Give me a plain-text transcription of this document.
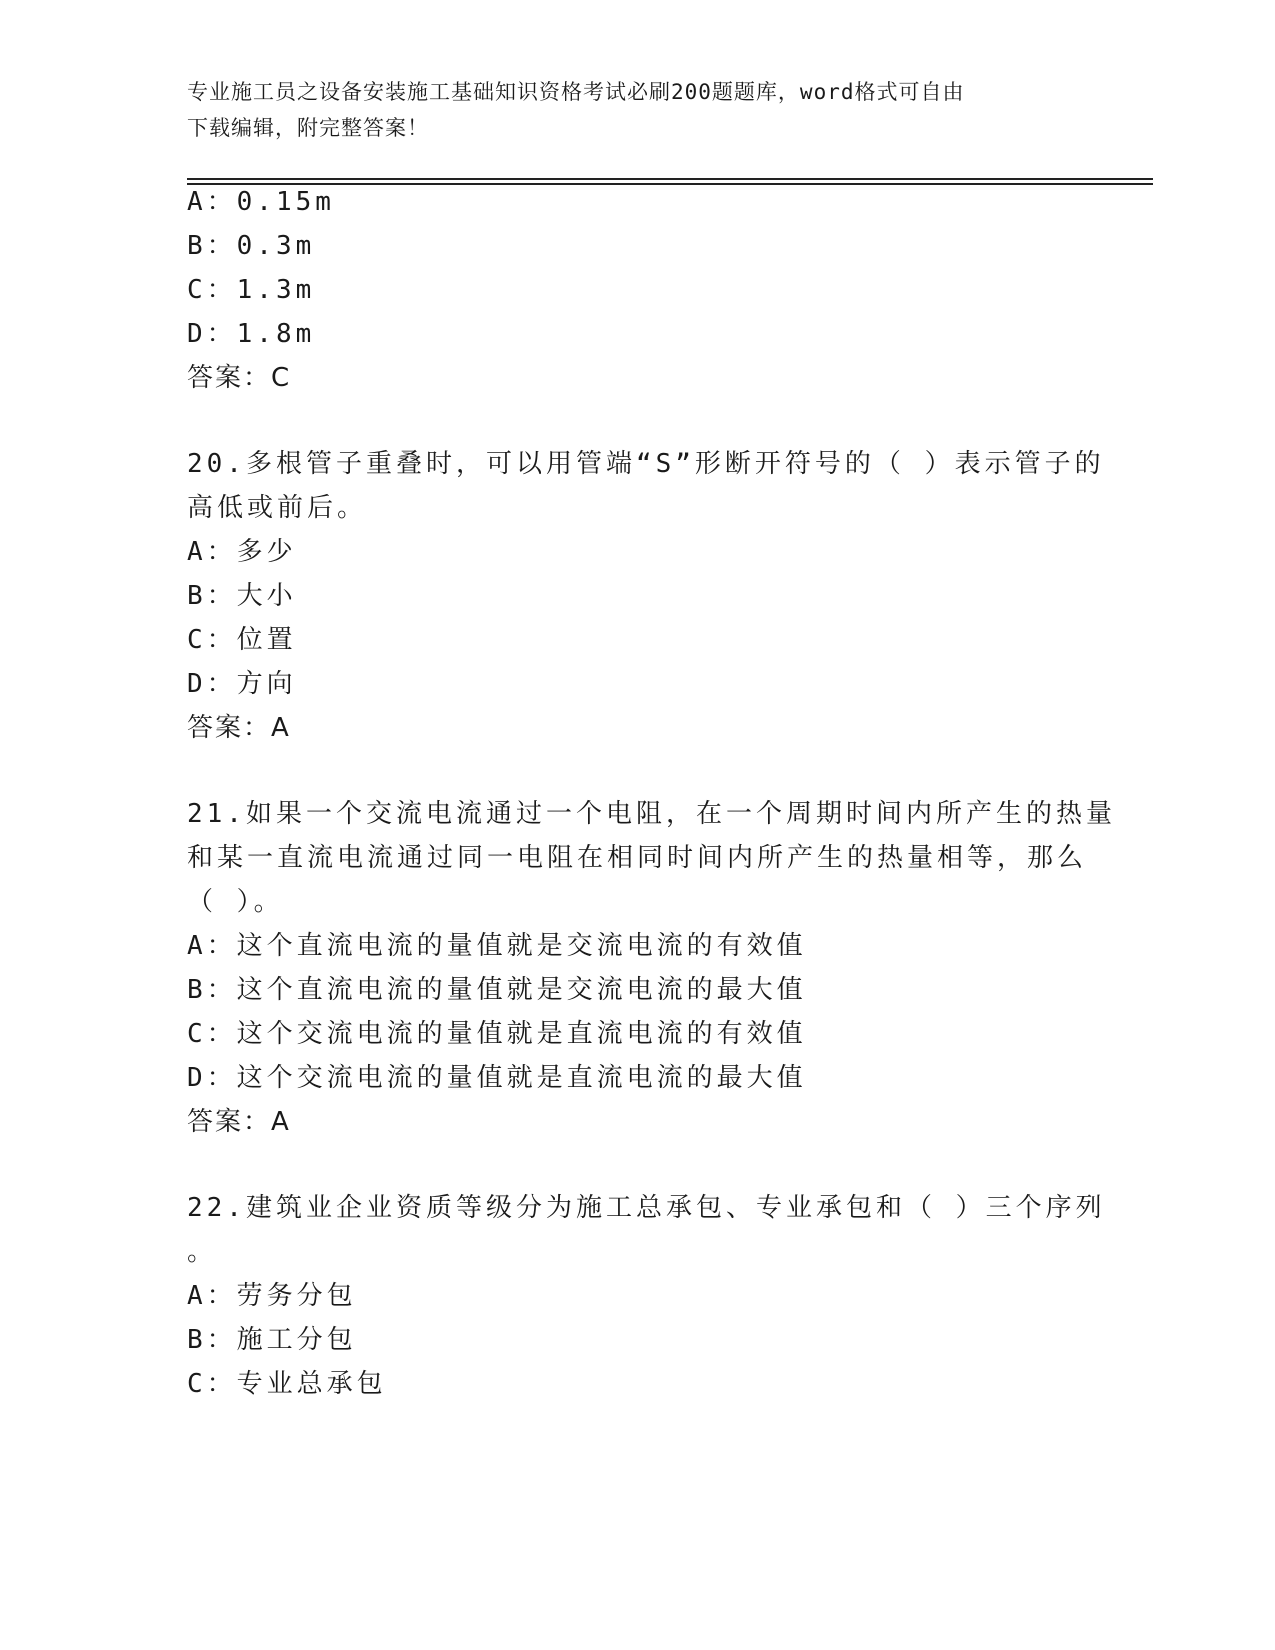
专业施工员之设备安装施工基础知识资格考试必刷200题题库，word格式可自由
下载编辑，附完整答案！
A：0.15m
B：0.3m
C：1.3m
D：1.8m
答案：C
20.多根管子重叠时，可以用管端“S”形断开符号的（ ）表示管子的
高低或前后。
A：多少
B：大小
C：位置
D：方向
答案：A
21.如果一个交流电流通过一个电阻，在一个周期时间内所产生的热量
和某一直流电流通过同一电阻在相同时间内所产生的热量相等，那么
（ ）。
A：这个直流电流的量值就是交流电流的有效值
B：这个直流电流的量值就是交流电流的最大值
C：这个交流电流的量值就是直流电流的有效值
D：这个交流电流的量值就是直流电流的最大值
答案：A
22.建筑业企业资质等级分为施工总承包、专业承包和（ ）三个序列
。
A：劳务分包
B：施工分包
C：专业总承包
